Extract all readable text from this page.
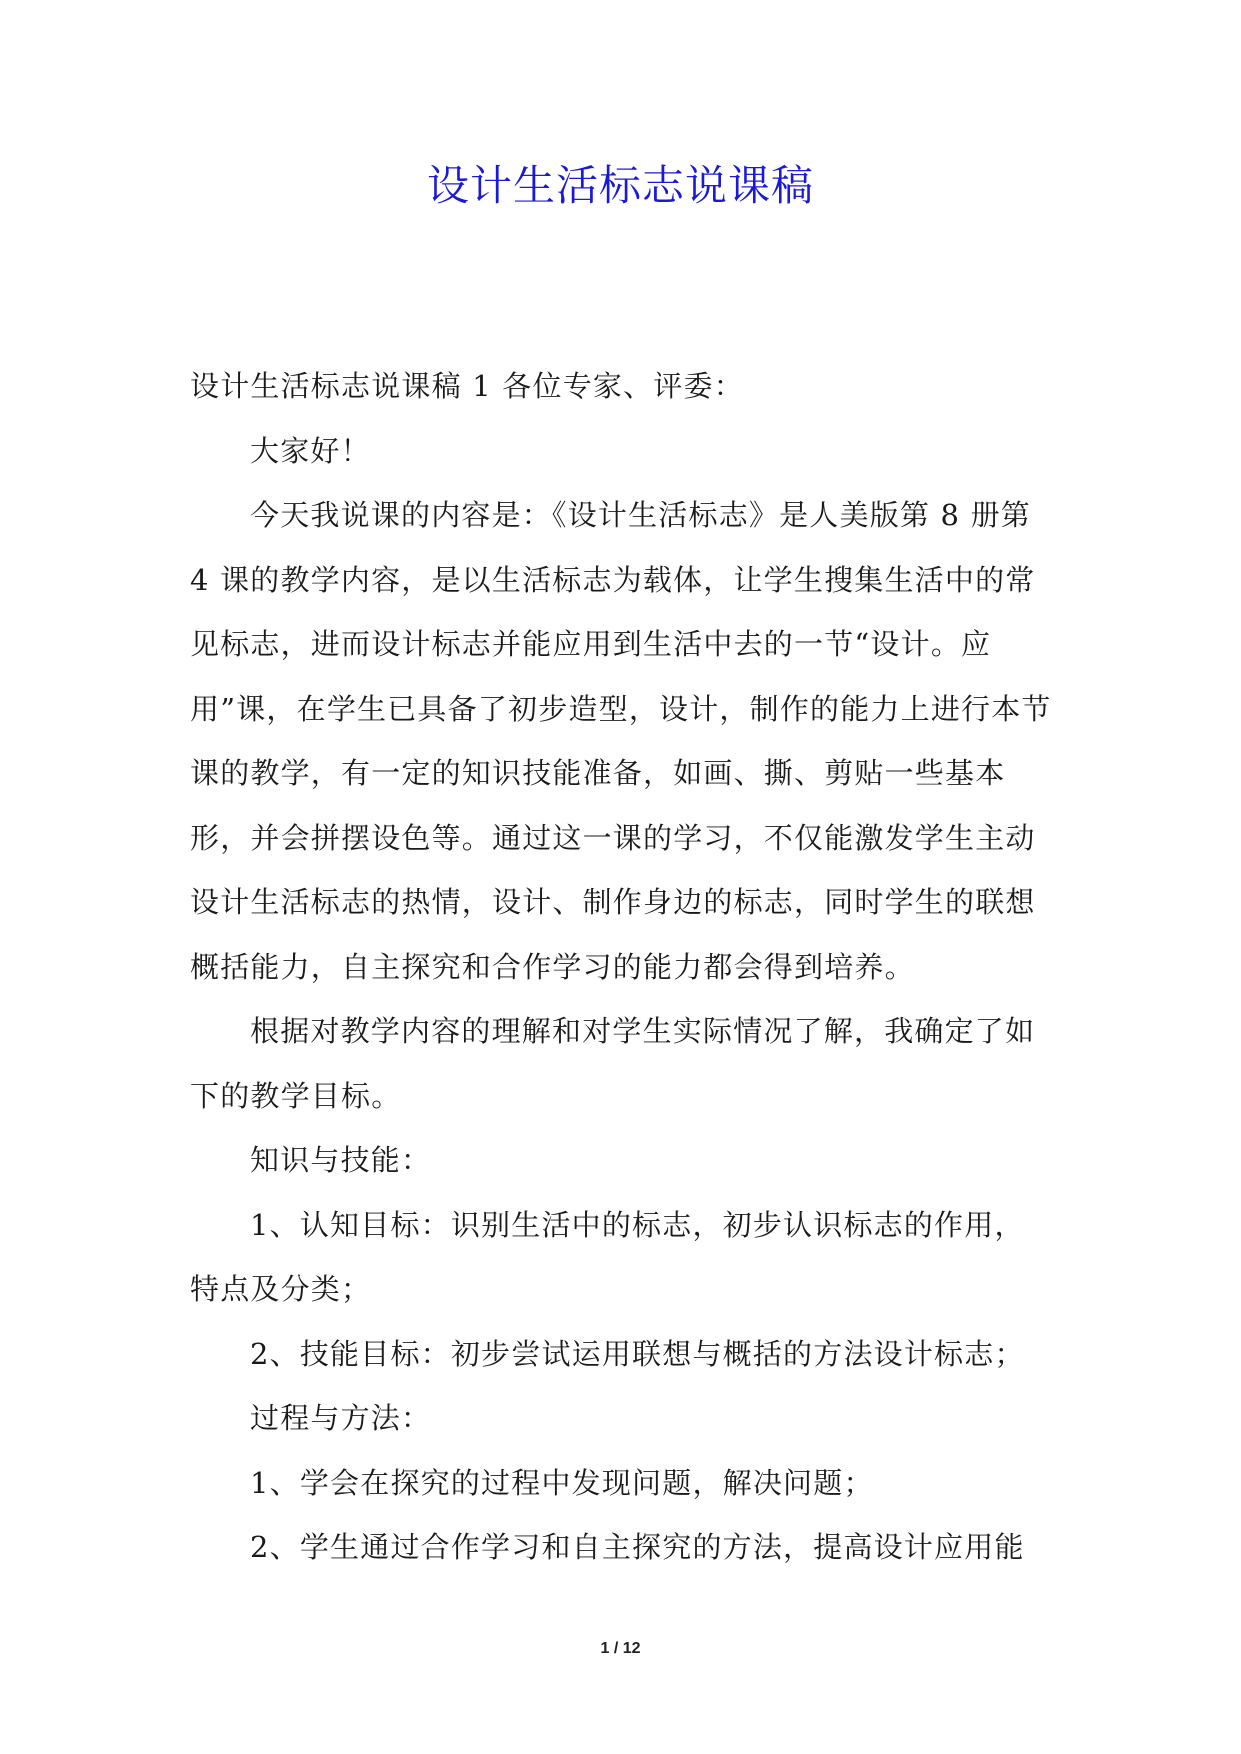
设计生活标志说课稿

设计生活标志说课稿 1 各位专家、评委：

大家好！

今天我说课的内容是：《设计生活标志》是人美版第 8 册第 4 课的教学内容，是以生活标志为载体，让学生搜集生活中的常见标志，进而设计标志并能应用到生活中去的一节“设计。应用”课，在学生已具备了初步造型，设计，制作的能力上进行本节课的教学，有一定的知识技能准备，如画、撕、剪贴一些基本形，并会拼摆设色等。通过这一课的学习，不仅能激发学生主动设计生活标志的热情，设计、制作身边的标志，同时学生的联想概括能力，自主探究和合作学习的能力都会得到培养。

根据对教学内容的理解和对学生实际情况了解，我确定了如下的教学目标。

知识与技能：

1、认知目标：识别生活中的标志，初步认识标志的作用，特点及分类；

2、技能目标：初步尝试运用联想与概括的方法设计标志；

过程与方法：

1、学会在探究的过程中发现问题，解决问题；

2、学生通过合作学习和自主探究的方法，提高设计应用能

1 / 12
